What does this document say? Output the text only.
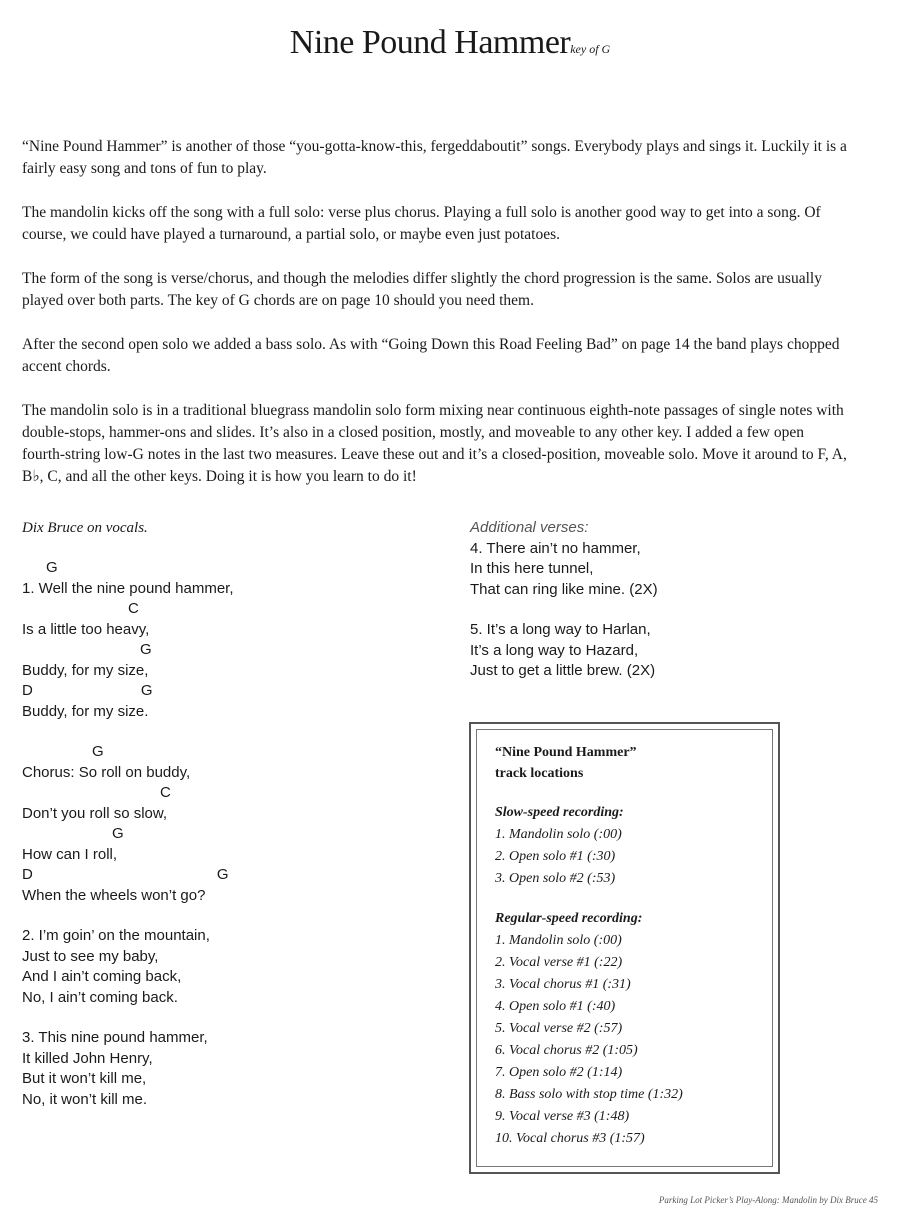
Nine Pound Hammerkey of G

“Nine Pound Hammer” is another of those “you-gotta-know-this, fergeddaboutit” songs. Everybody plays and sings it. Luckily it is a fairly easy song and tons of fun to play.

The mandolin kicks off the song with a full solo: verse plus chorus. Playing a full solo is another good way to get into a song. Of course, we could have played a turnaround, a partial solo, or maybe even just potatoes.

The form of the song is verse/chorus, and though the melodies differ slightly the chord progression is the same. Solos are usually played over both parts. The key of G chords are on page 10 should you need them.

After the second open solo we added a bass solo. As with “Going Down this Road Feeling Bad” on page 14 the band plays chopped accent chords.

The mandolin solo is in a traditional bluegrass mandolin solo form mixing near continuous eighth-note passages of single notes with double-stops, hammer-ons and slides. It’s also in a closed position, mostly, and moveable to any other key. I added a few open fourth-string low-G notes in the last two measures. Leave these out and it’s a closed-position, moveable solo. Move it around to F, A, B♭, C, and all the other keys. Doing it is how you learn to do it!

Dix Bruce on vocals.
G
1. Well the nine pound hammer,
C
Is a little too heavy,
G
Buddy, for my size,
D	G
Buddy, for my size.
G
Chorus: So roll on buddy,
C
Don’t you roll so slow,
G
How can I roll,
D	G
When the wheels won’t go?
2. I’m goin’ on the mountain,
Just to see my baby,
And I ain’t coming back,
No, I ain’t coming back.
3. This nine pound hammer,
It killed John Henry,
But it won’t kill me,
No, it won’t kill me.
Additional verses:
4. There ain’t no hammer,
In this here tunnel,
That can ring like mine. (2X)
5. It’s a long way to Harlan,
It’s a long way to Hazard,
Just to get a little brew. (2X)
“Nine Pound Hammer”
track locations
Slow-speed recording:
1. Mandolin solo (:00)
2. Open solo #1 (:30)
3. Open solo #2 (:53)
Regular-speed recording:
1. Mandolin solo (:00)
2. Vocal verse #1 (:22)
3. Vocal chorus #1 (:31)
4. Open solo #1 (:40)
5. Vocal verse #2 (:57)
6. Vocal chorus #2 (1:05)
7. Open solo #2 (1:14)
8. Bass solo with stop time (1:32)
9. Vocal verse #3 (1:48)
10. Vocal chorus #3 (1:57)
Parking Lot Picker’s Play-Along: Mandolin by Dix Bruce 45
